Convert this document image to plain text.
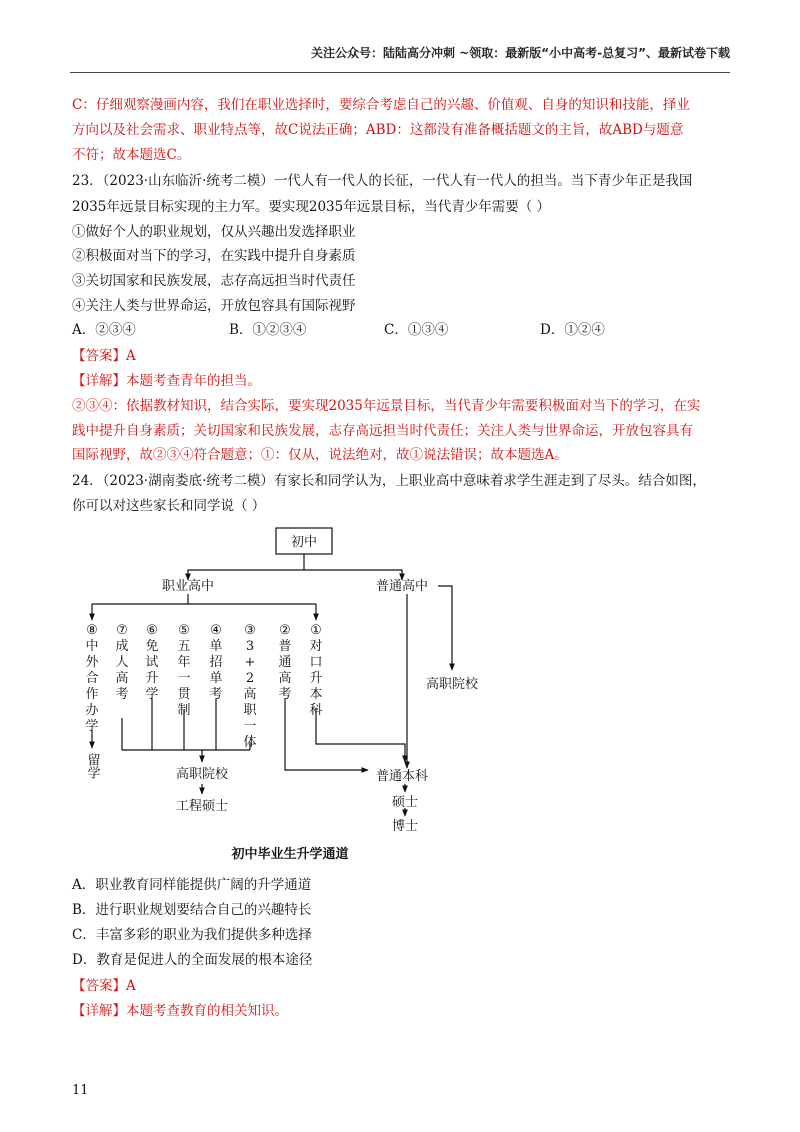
关注公众号：陆陆高分冲刺 ~领取：最新版“小中高考-总复习”、最新试卷下载
C：仔细观察漫画内容，我们在职业选择时，要综合考虑自己的兴趣、价值观、自身的知识和技能，择业
方向以及社会需求、职业特点等，故C说法正确；ABD：这都没有准备概括题文的主旨，故ABD与题意
不符；故本题选C。
23．（2023·山东临沂·统考二模）一代人有一代人的长征，一代人有一代人的担当。当下青少年正是我国
2035年远景目标实现的主力军。要实现2035年远景目标，当代青少年需要（ ）
①做好个人的职业规划，仅从兴趣出发选择职业
②积极面对当下的学习，在实践中提升自身素质
③关切国家和民族发展，志存高远担当时代责任
④关注人类与世界命运，开放包容具有国际视野
A．②③④	B．①②③④	C．①③④	D．①②④
【答案】A
【详解】本题考查青年的担当。
②③④：依据教材知识，结合实际，要实现2035年远景目标，当代青少年需要积极面对当下的学习，在实
践中提升自身素质；关切国家和民族发展，志存高远担当时代责任；关注人类与世界命运，开放包容具有
国际视野，故②③④符合题意；①：仅从，说法绝对，故①说法错误；故本题选A。
24．（2023·湖南娄底·统考二模）有家长和同学认为，上职业高中意味着求学生涯走到了尽头。结合如图，
你可以对这些家长和同学说（ ）
初中
职业高中	普通高中
高职院校
留学	高职院校
工程硕士
普通本科
硕士
博士
初中毕业生升学通道
⑧
中
外
合
作
办
学
⑦
成
人
高
考
⑥
免
试
升
学
⑤
五
年
一
贯
制
④
单
招
单
考
③
3
+
2
高
职
一
体
②
普
通
高
考
①
对
口
升
本
科
A．职业教育同样能提供广阔的升学通道
B．进行职业规划要结合自己的兴趣特长
C．丰富多彩的职业为我们提供多种选择
D．教育是促进人的全面发展的根本途径
【答案】A
【详解】本题考查教育的相关知识。
11
